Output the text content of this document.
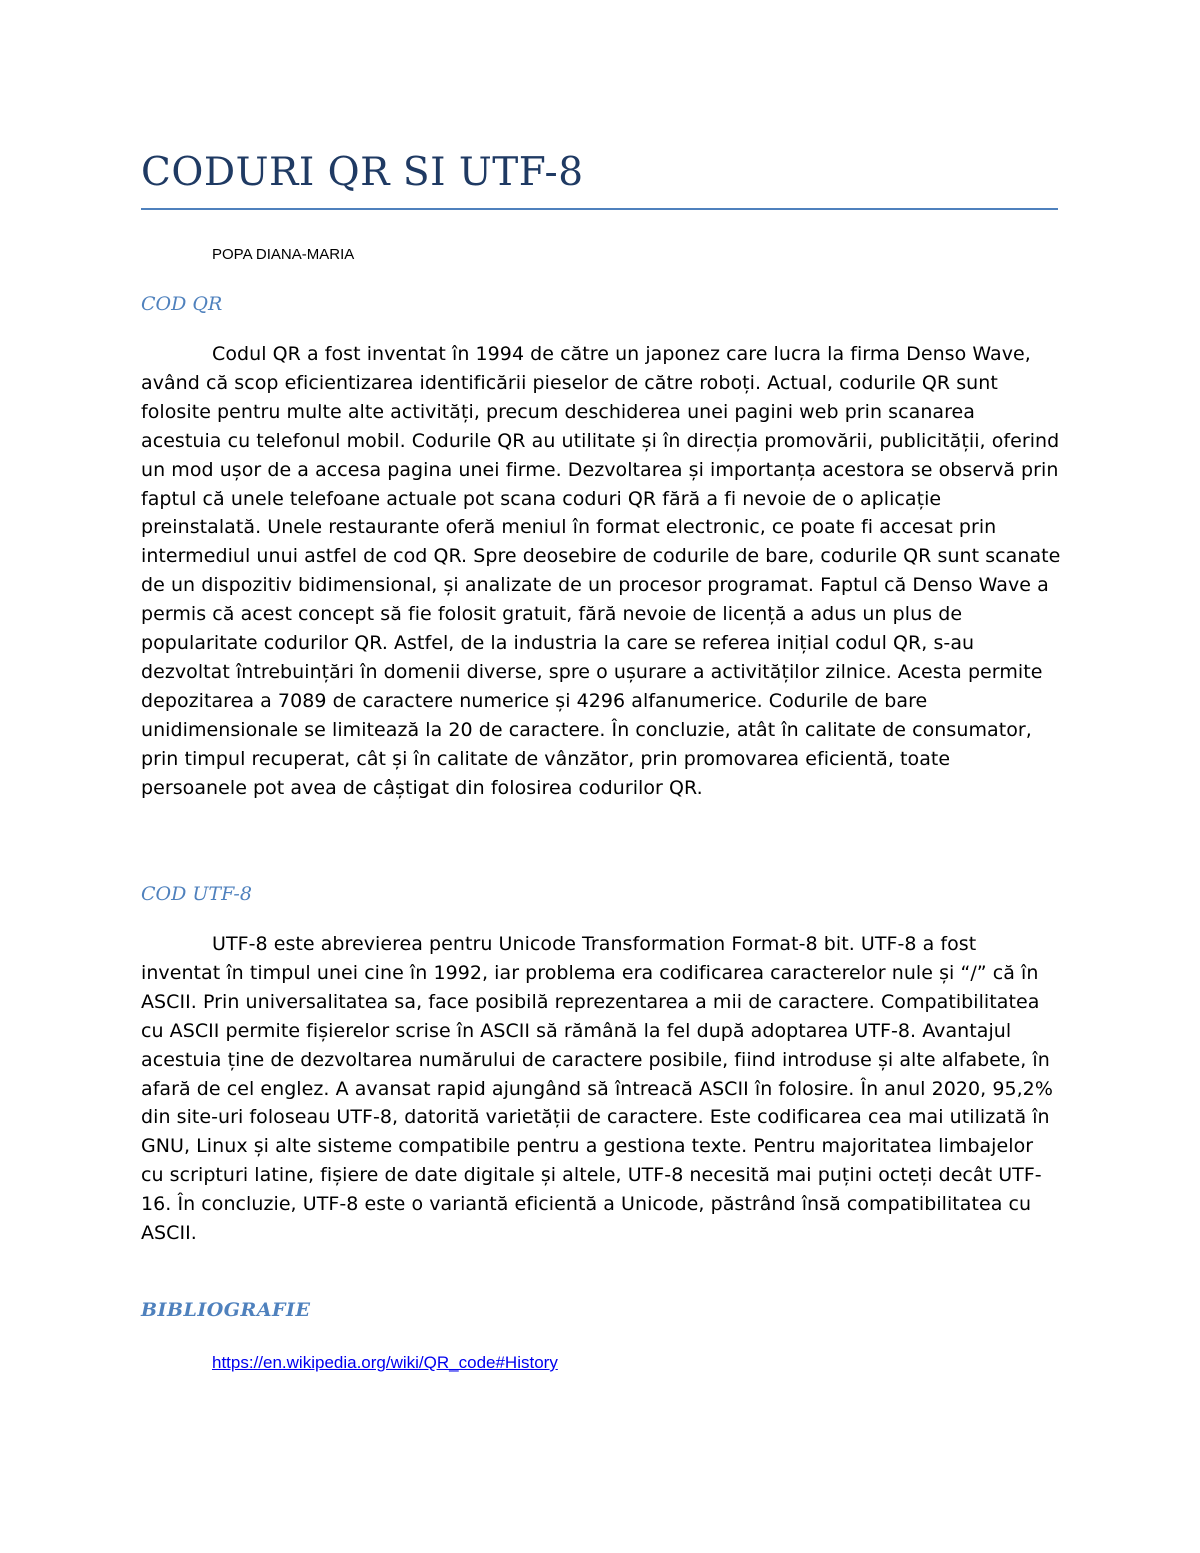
CODURI QR SI UTF-8
POPA DIANA-MARIA
COD QR

Codul QR a fost inventat în 1994 de către un japonez care lucra la firma Denso Wave, având că scop eficientizarea identificării pieselor de către roboți. Actual, codurile QR sunt folosite pentru multe alte activități, precum deschiderea unei pagini web prin scanarea acestuia cu telefonul mobil. Codurile QR au utilitate și în direcția promovării, publicității, oferind un mod ușor de a accesa pagina unei firme. Dezvoltarea și importanța acestora se observă prin faptul că unele telefoane actuale pot scana coduri QR fără a fi nevoie de o aplicație preinstalată. Unele restaurante oferă meniul în format electronic, ce poate fi accesat prin intermediul unui astfel de cod QR. Spre deosebire de codurile de bare, codurile QR sunt scanate de un dispozitiv bidimensional, și analizate de un procesor programat. Faptul că Denso Wave a permis că acest concept să fie folosit gratuit, fără nevoie de licență a adus un plus de popularitate codurilor QR. Astfel, de la industria la care se referea inițial codul QR, s-au dezvoltat întrebuințări în domenii diverse, spre o ușurare a activităților zilnice. Acesta permite depozitarea a 7089 de caractere numerice și 4296 alfanumerice. Codurile de bare unidimensionale se limitează la 20 de caractere. În concluzie, atât în calitate de consumator, prin timpul recuperat, cât și în calitate de vânzător, prin promovarea eficientă, toate persoanele pot avea de câștigat din folosirea codurilor QR.

COD UTF-8

UTF-8 este abrevierea pentru Unicode Transformation Format-8 bit. UTF-8 a fost inventat în timpul unei cine în 1992, iar problema era codificarea caracterelor nule și “/” că în ASCII. Prin universalitatea sa, face posibilă reprezentarea a mii de caractere. Compatibilitatea cu ASCII permite fișierelor scrise în ASCII să rămână la fel după adoptarea UTF-8. Avantajul acestuia ține de dezvoltarea numărului de caractere posibile, fiind introduse și alte alfabete, în afară de cel englez. A avansat rapid ajungând să întreacă ASCII în folosire. În anul 2020, 95,2% din site-uri foloseau UTF-8, datorită varietății de caractere. Este codificarea cea mai utilizată în GNU, Linux și alte sisteme compatibile pentru a gestiona texte. Pentru majoritatea limbajelor cu scripturi latine, fișiere de date digitale și altele, UTF-8 necesită mai puțini octeți decât UTF-16. În concluzie, UTF-8 este o variantă eficientă a Unicode, păstrând însă compatibilitatea cu ASCII.

BIBLIOGRAFIE
https://en.wikipedia.org/wiki/QR_code#History
